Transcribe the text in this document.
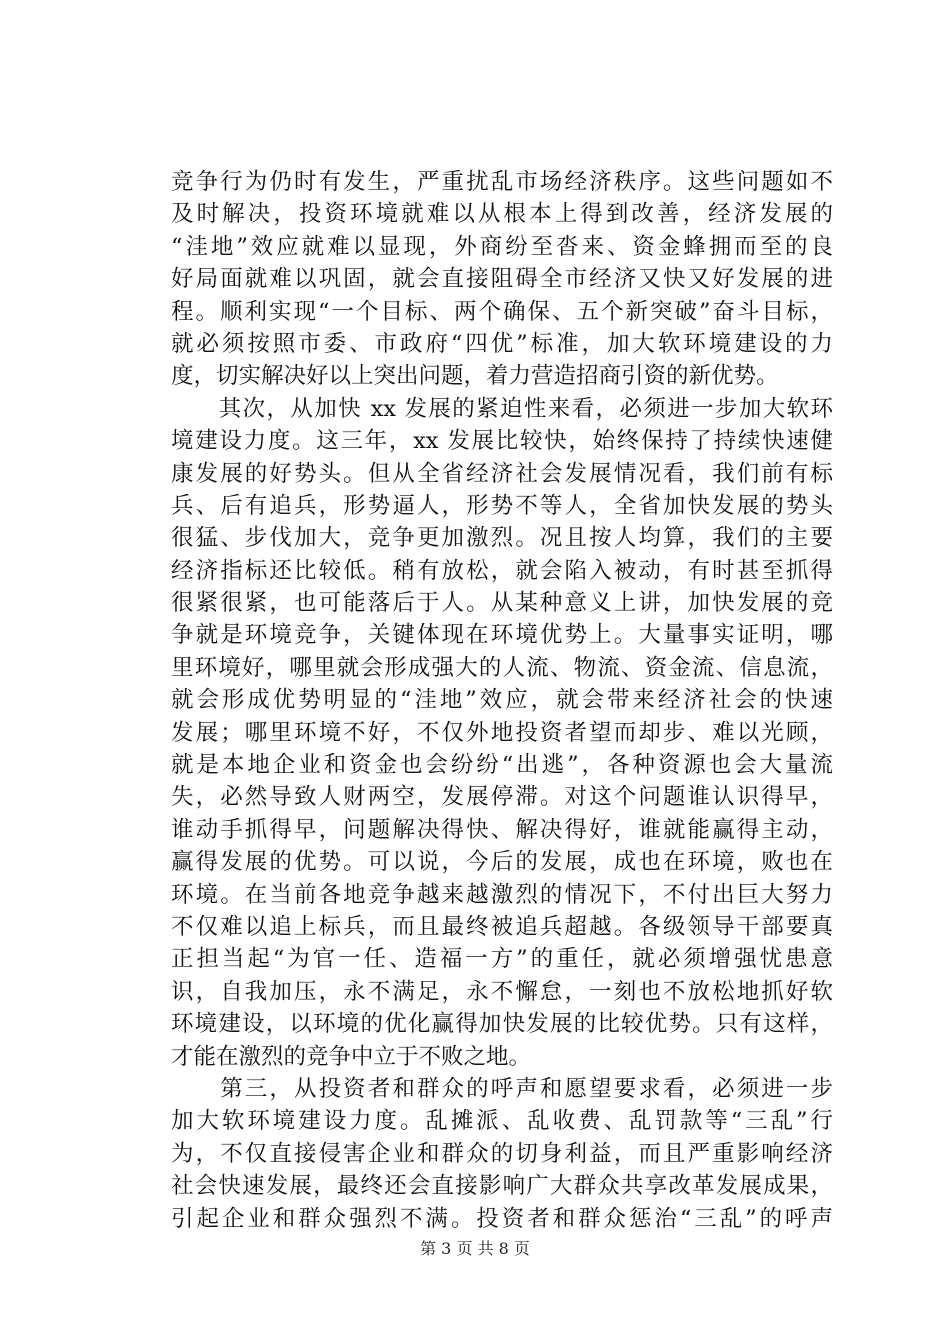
竞争行为仍时有发生，严重扰乱市场经济秩序。这些问题如不
及时解决，投资环境就难以从根本上得到改善，经济发展的
“洼地”效应就难以显现，外商纷至沓来、资金蜂拥而至的良
好局面就难以巩固，就会直接阻碍全市经济又快又好发展的进
程。顺利实现“一个目标、两个确保、五个新突破”奋斗目标，
就必须按照市委、市政府“四优”标准，加大软环境建设的力
度，切实解决好以上突出问题，着力营造招商引资的新优势。
　　其次，从加快 xx 发展的紧迫性来看，必须进一步加大软环
境建设力度。这三年，xx 发展比较快，始终保持了持续快速健
康发展的好势头。但从全省经济社会发展情况看，我们前有标
兵、后有追兵，形势逼人，形势不等人，全省加快发展的势头
很猛、步伐加大，竞争更加激烈。况且按人均算，我们的主要
经济指标还比较低。稍有放松，就会陷入被动，有时甚至抓得
很紧很紧，也可能落后于人。从某种意义上讲，加快发展的竞
争就是环境竞争，关键体现在环境优势上。大量事实证明，哪
里环境好，哪里就会形成强大的人流、物流、资金流、信息流，
就会形成优势明显的“洼地”效应，就会带来经济社会的快速
发展；哪里环境不好，不仅外地投资者望而却步、难以光顾，
就是本地企业和资金也会纷纷“出逃”，各种资源也会大量流
失，必然导致人财两空，发展停滞。对这个问题谁认识得早，
谁动手抓得早，问题解决得快、解决得好，谁就能赢得主动，
赢得发展的优势。可以说，今后的发展，成也在环境，败也在
环境。在当前各地竞争越来越激烈的情况下，不付出巨大努力
不仅难以追上标兵，而且最终被追兵超越。各级领导干部要真
正担当起“为官一任、造福一方”的重任，就必须增强忧患意
识，自我加压，永不满足，永不懈怠，一刻也不放松地抓好软
环境建设，以环境的优化赢得加快发展的比较优势。只有这样，
才能在激烈的竞争中立于不败之地。
　　第三，从投资者和群众的呼声和愿望要求看，必须进一步
加大软环境建设力度。乱摊派、乱收费、乱罚款等“三乱”行
为，不仅直接侵害企业和群众的切身利益，而且严重影响经济
社会快速发展，最终还会直接影响广大群众共享改革发展成果，
引起企业和群众强烈不满。投资者和群众惩治“三乱”的呼声
第 3 页 共 8 页
